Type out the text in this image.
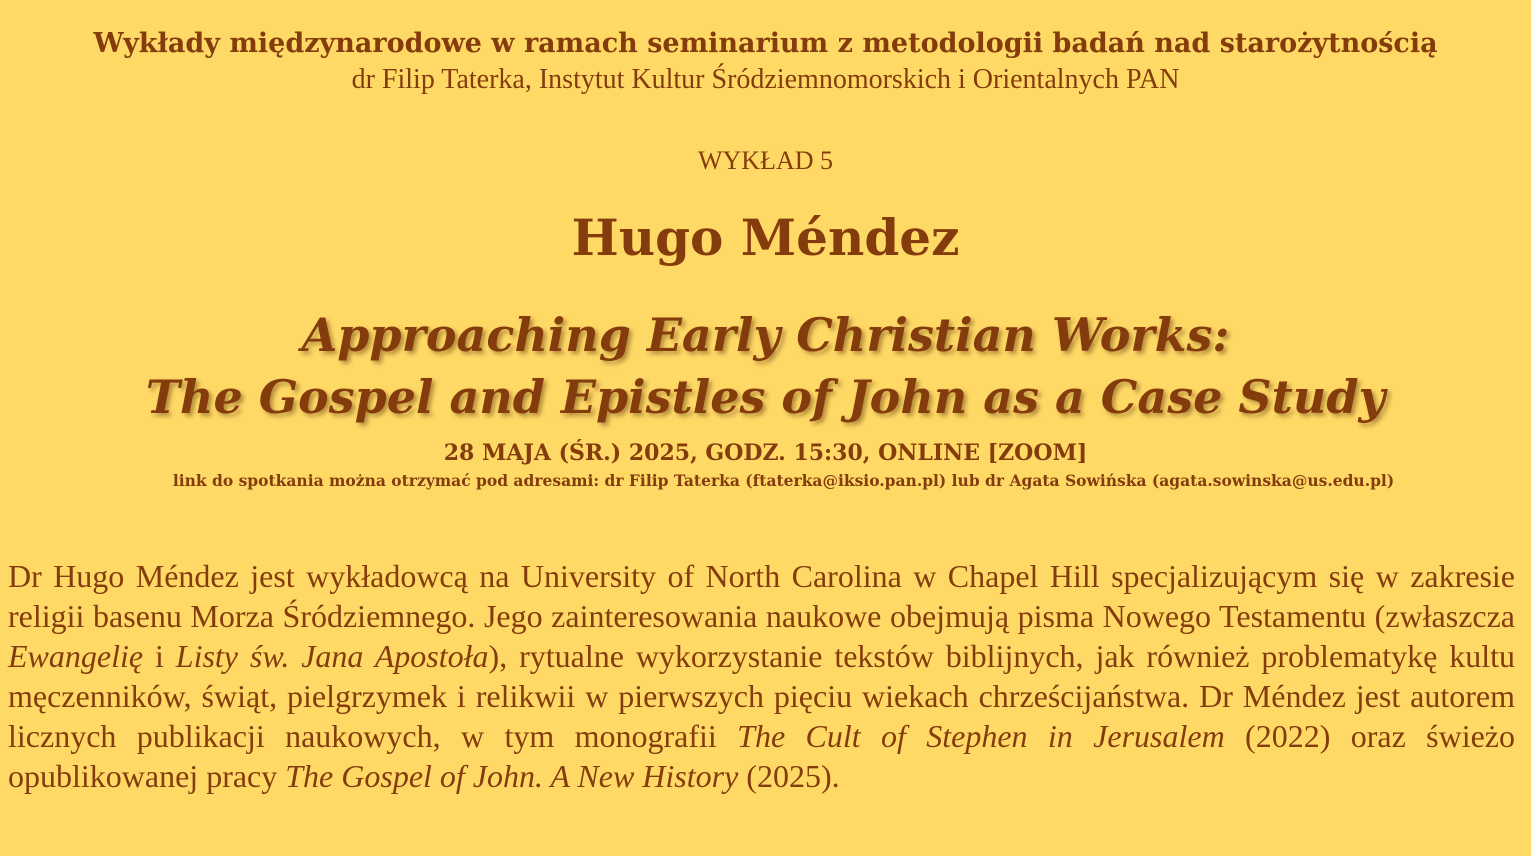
Wykłady międzynarodowe w ramach seminarium z metodologii badań nad starożytnością
dr Filip Taterka, Instytut Kultur Śródziemnomorskich i Orientalnych PAN
WYKŁAD 5
Hugo Méndez
Approaching Early Christian Works:
The Gospel and Epistles of John as a Case Study
28 MAJA (ŚR.) 2025, GODZ. 15:30, ONLINE [ZOOM]
link do spotkania można otrzymać pod adresami: dr Filip Taterka (ftaterka@iksio.pan.pl) lub dr Agata Sowińska (agata.sowinska@us.edu.pl)
Dr Hugo Méndez jest wykładowcą na University of North Carolina w Chapel Hill specjalizującym się w zakresie religii basenu Morza Śródziemnego. Jego zainteresowania naukowe obejmują pisma Nowego Testamentu (zwłaszcza Ewangelię i Listy św. Jana Apostoła), rytualne wykorzystanie tekstów biblijnych, jak również problematykę kultu męczenników, świąt, pielgrzymek i relikwii w pierwszych pięciu wiekach chrześcijaństwa. Dr Méndez jest autorem licznych publikacji naukowych, w tym monografii The Cult of Stephen in Jerusalem (2022) oraz świeżo opublikowanej pracy The Gospel of John. A New History (2025).
